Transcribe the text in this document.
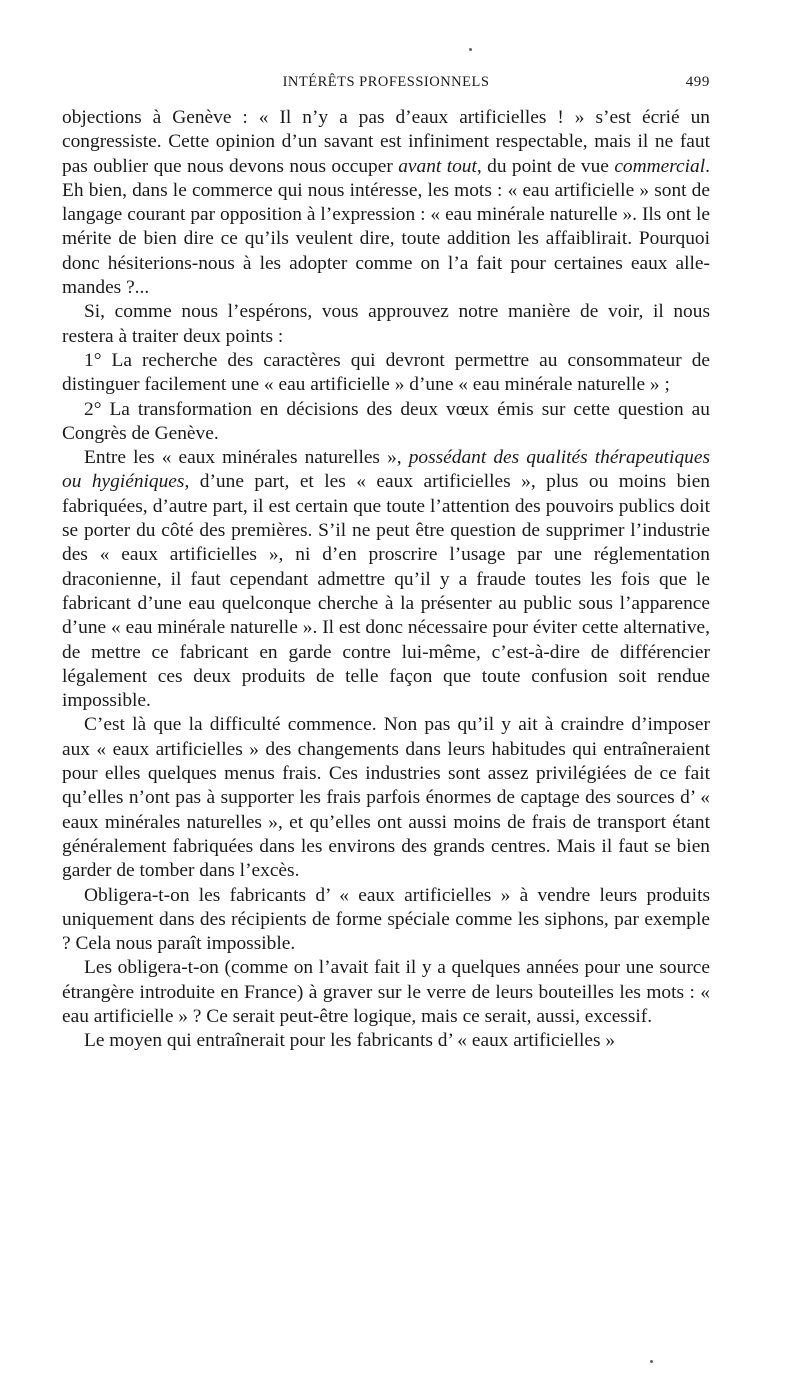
INTÉRÊTS PROFESSIONNELS	499

objections à Genève : « Il n’y a pas d’eaux artificielles ! » s’est écrié un congressiste. Cette opinion d’un savant est infiniment respectable, mais il ne faut pas oublier que nous devons nous occuper avant tout, du point de vue commercial. Eh bien, dans le commerce qui nous intéresse, les mots : « eau artificielle » sont de langage courant par opposition à l’expression : « eau minérale naturelle ». Ils ont le mérite de bien dire ce qu’ils veulent dire, toute addition les affaiblirait. Pourquoi donc hésiterions-nous à les adopter comme on l’a fait pour certaines eaux allemandes ?...

Si, comme nous l’espérons, vous approuvez notre manière de voir, il nous restera à traiter deux points :

1° La recherche des caractères qui devront permettre au consommateur de distinguer facilement une « eau artificielle » d’une « eau minérale naturelle » ;

2° La transformation en décisions des deux vœux émis sur cette question au Congrès de Genève.

Entre les « eaux minérales naturelles », possédant des qualités thérapeutiques ou hygiéniques, d’une part, et les « eaux artificielles », plus ou moins bien fabriquées, d’autre part, il est certain que toute l’attention des pouvoirs publics doit se porter du côté des premières. S’il ne peut être question de supprimer l’industrie des « eaux artificielles », ni d’en proscrire l’usage par une réglementation draconienne, il faut cependant admettre qu’il y a fraude toutes les fois que le fabricant d’une eau quelconque cherche à la présenter au public sous l’apparence d’une « eau minérale naturelle ». Il est donc nécessaire pour éviter cette alternative, de mettre ce fabricant en garde contre lui-même, c’est-à-dire de différencier légalement ces deux produits de telle façon que toute confusion soit rendue impossible.

C’est là que la difficulté commence. Non pas qu’il y ait à craindre d’imposer aux « eaux artificielles » des changements dans leurs habitudes qui entraîneraient pour elles quelques menus frais. Ces industries sont assez privilégiées de ce fait qu’elles n’ont pas à supporter les frais parfois énormes de captage des sources d’ « eaux minérales naturelles », et qu’elles ont aussi moins de frais de transport étant généralement fabriquées dans les environs des grands centres. Mais il faut se bien garder de tomber dans l’excès.

Obligera-t-on les fabricants d’ « eaux artificielles » à vendre leurs produits uniquement dans des récipients de forme spéciale comme les siphons, par exemple ? Cela nous paraît impossible.

Les obligera-t-on (comme on l’avait fait il y a quelques années pour une source étrangère introduite en France) à graver sur le verre de leurs bouteilles les mots : « eau artificielle » ? Ce serait peut-être logique, mais ce serait, aussi, excessif.

Le moyen qui entraînerait pour les fabricants d’ « eaux artificielles »
